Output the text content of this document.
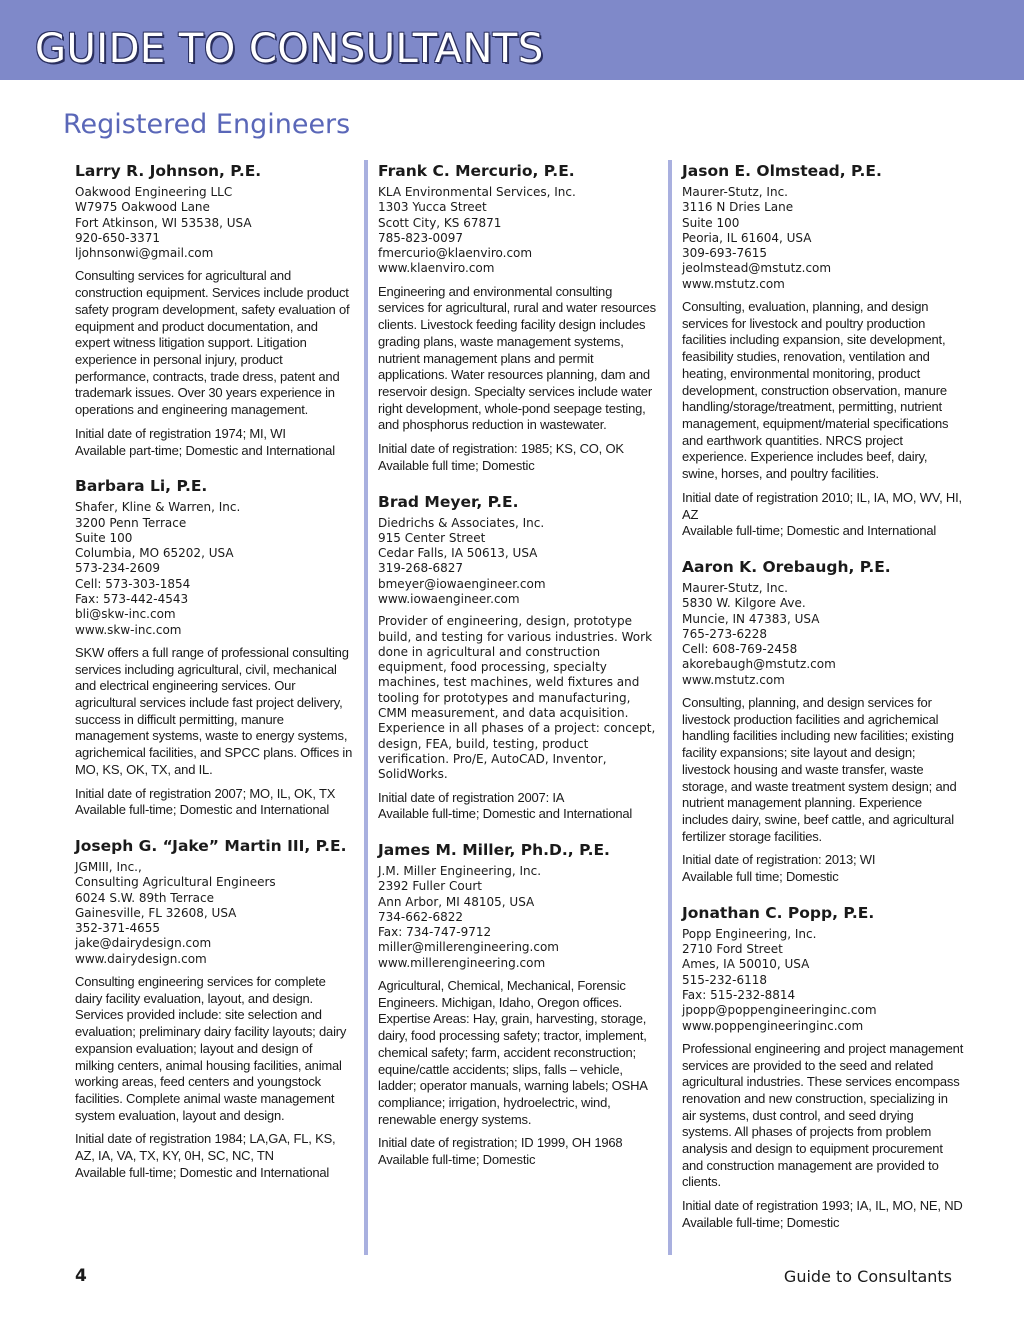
GUIDE TO CONSULTANTS
Registered Engineers
Larry R. Johnson, P.E.
Oakwood Engineering LLC
W7975 Oakwood Lane
Fort Atkinson, WI 53538, USA
920-650-3371
ljohnsonwi@gmail.com

Consulting services for agricultural and construction equipment. Services include product safety program development, safety evaluation of equipment and product documentation, and expert witness litigation support. Litigation experience in personal injury, product performance, contracts, trade dress, patent and trademark issues. Over 30 years experience in operations and engineering management.

Initial date of registration 1974; MI, WI
Available part-time; Domestic and International
Barbara Li, P.E.
Shafer, Kline & Warren, Inc.
3200 Penn Terrace
Suite 100
Columbia, MO 65202, USA
573-234-2609
Cell: 573-303-1854
Fax: 573-442-4543
bli@skw-inc.com
www.skw-inc.com

SKW offers a full range of professional consulting services including agricultural, civil, mechanical and electrical engineering services. Our agricultural services include fast project delivery, success in difficult permitting, manure management systems, waste to energy systems, agrichemical facilities, and SPCC plans. Offices in MO, KS, OK, TX, and IL.

Initial date of registration 2007; MO, IL, OK, TX
Available full-time; Domestic and International
Joseph G. “Jake” Martin III, P.E.
JGMIII, Inc.,
Consulting Agricultural Engineers
6024 S.W. 89th Terrace
Gainesville, FL 32608, USA
352-371-4655
jake@dairydesign.com
www.dairydesign.com

Consulting engineering services for complete dairy facility evaluation, layout, and design. Services provided include: site selection and evaluation; preliminary dairy facility layouts; dairy expansion evaluation; layout and design of milking centers, animal housing facilities, animal working areas, feed centers and youngstock facilities. Complete animal waste management system evaluation, layout and design.

Initial date of registration 1984; LA,GA, FL, KS, AZ, IA, VA, TX, KY, 0H, SC, NC, TN
Available full-time; Domestic and International
Frank C. Mercurio, P.E.
KLA Environmental Services, Inc.
1303 Yucca Street
Scott City, KS 67871
785-823-0097
fmercurio@klaenviro.com
www.klaenviro.com

Engineering and environmental consulting services for agricultural, rural and water resources clients. Livestock feeding facility design includes grading plans, waste management systems, nutrient management plans and permit applications. Water resources planning, dam and reservoir design. Specialty services include water right development, whole-pond seepage testing, and phosphorus reduction in wastewater.

Initial date of registration: 1985; KS, CO, OK
Available full time; Domestic
Brad Meyer, P.E.
Diedrichs & Associates, Inc.
915 Center Street
Cedar Falls, IA 50613, USA
319-268-6827
bmeyer@iowaengineer.com
www.iowaengineer.com

Provider of engineering, design, prototype build, and testing for various industries. Work done in agricultural and construction equipment, food processing, specialty machines, test machines, weld fixtures and tooling for prototypes and manufacturing, CMM measurement, and data acquisition. Experience in all phases of a project: concept, design, FEA, build, testing, product verification. Pro/E, AutoCAD, Inventor, SolidWorks.

Initial date of registration 2007: IA
Available full-time; Domestic and International
James M. Miller, Ph.D., P.E.
J.M. Miller Engineering, Inc.
2392 Fuller Court
Ann Arbor, MI 48105, USA
734-662-6822
Fax: 734-747-9712
miller@millerengineering.com
www.millerengineering.com

Agricultural, Chemical, Mechanical, Forensic Engineers. Michigan, Idaho, Oregon offices. Expertise Areas: Hay, grain, harvesting, storage, dairy, food processing safety; tractor, implement, chemical safety; farm, accident reconstruction; equine/cattle accidents; slips, falls – vehicle, ladder; operator manuals, warning labels; OSHA compliance; irrigation, hydroelectric, wind, renewable energy systems.

Initial date of registration; ID 1999, OH 1968
Available full-time; Domestic
Jason E. Olmstead, P.E.
Maurer-Stutz, Inc.
3116 N Dries Lane
Suite 100
Peoria, IL 61604, USA
309-693-7615
jeolmstead@mstutz.com
www.mstutz.com

Consulting, evaluation, planning, and design services for livestock and poultry production facilities including expansion, site development, feasibility studies, renovation, ventilation and heating, environmental monitoring, product development, construction observation, manure handling/storage/treatment, permitting, nutrient management, equipment/material specifications and earthwork quantities. NRCS project experience. Experience includes beef, dairy, swine, horses, and poultry facilities.

Initial date of registration 2010; IL, IA, MO, WV, HI, AZ
Available full-time; Domestic and International
Aaron K. Orebaugh, P.E.
Maurer-Stutz, Inc.
5830 W. Kilgore Ave.
Muncie, IN 47383, USA
765-273-6228
Cell: 608-769-2458
akorebaugh@mstutz.com
www.mstutz.com

Consulting, planning, and design services for livestock production facilities and agrichemical handling facilities including new facilities; existing facility expansions; site layout and design; livestock housing and waste transfer, waste storage, and waste treatment system design; and nutrient management planning. Experience includes dairy, swine, beef cattle, and agricultural fertilizer storage facilities.

Initial date of registration: 2013; WI
Available full time; Domestic
Jonathan C. Popp, P.E.
Popp Engineering, Inc.
2710 Ford Street
Ames, IA 50010, USA
515-232-6118
Fax: 515-232-8814
jpopp@poppengineeringinc.com
www.poppengineeringinc.com

Professional engineering and project management services are provided to the seed and related agricultural industries. These services encompass renovation and new construction, specializing in air systems, dust control, and seed drying systems. All phases of projects from problem analysis and design to equipment procurement and construction management are provided to clients.

Initial date of registration 1993; IA, IL, MO, NE, ND
Available full-time; Domestic
4	Guide to Consultants
